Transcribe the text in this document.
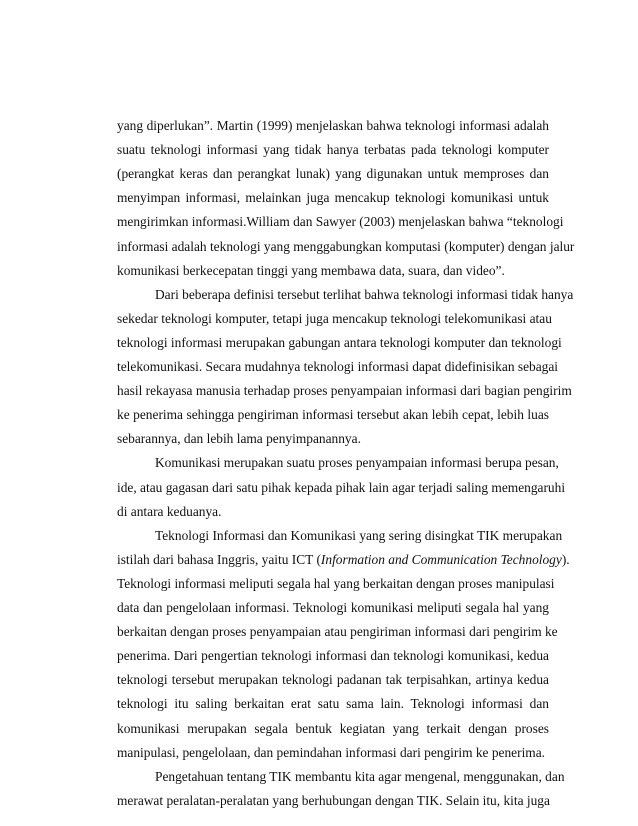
yang diperlukan”. Martin (1999) menjelaskan bahwa teknologi informasi adalah
suatu teknologi informasi yang tidak hanya terbatas pada teknologi komputer
(perangkat keras dan perangkat lunak) yang digunakan untuk memproses dan
menyimpan informasi, melainkan juga mencakup teknologi komunikasi untuk
mengirimkan informasi.William dan Sawyer (2003) menjelaskan bahwa “teknologi
informasi adalah teknologi yang menggabungkan komputasi (komputer) dengan jalur
komunikasi berkecepatan tinggi yang membawa data, suara, dan video”.
Dari beberapa definisi tersebut terlihat bahwa teknologi informasi tidak hanya
sekedar teknologi komputer, tetapi juga mencakup teknologi telekomunikasi atau
teknologi informasi merupakan gabungan antara teknologi komputer dan teknologi
telekomunikasi. Secara mudahnya teknologi informasi dapat didefinisikan sebagai
hasil rekayasa manusia terhadap proses penyampaian informasi dari bagian pengirim
ke penerima sehingga pengiriman informasi tersebut akan lebih cepat, lebih luas
sebarannya, dan lebih lama penyimpanannya.
Komunikasi merupakan suatu proses penyampaian informasi berupa pesan,
ide, atau gagasan dari satu pihak kepada pihak lain agar terjadi saling memengaruhi
di antara keduanya.
Teknologi Informasi dan Komunikasi yang sering disingkat TIK merupakan
istilah dari bahasa Inggris, yaitu ICT (Information and Communication Technology).
Teknologi informasi meliputi segala hal yang berkaitan dengan proses manipulasi
data dan pengelolaan informasi. Teknologi komunikasi meliputi segala hal yang
berkaitan dengan proses penyampaian atau pengiriman informasi dari pengirim ke
penerima. Dari pengertian teknologi informasi dan teknologi komunikasi, kedua
teknologi tersebut merupakan teknologi padanan tak terpisahkan, artinya kedua
teknologi itu saling berkaitan erat satu sama lain. Teknologi informasi dan
komunikasi merupakan segala bentuk kegiatan yang terkait dengan proses
manipulasi, pengelolaan, dan pemindahan informasi dari pengirim ke penerima.
Pengetahuan tentang TIK membantu kita agar mengenal, menggunakan, dan
merawat peralatan-peralatan yang berhubungan dengan TIK. Selain itu, kita juga
